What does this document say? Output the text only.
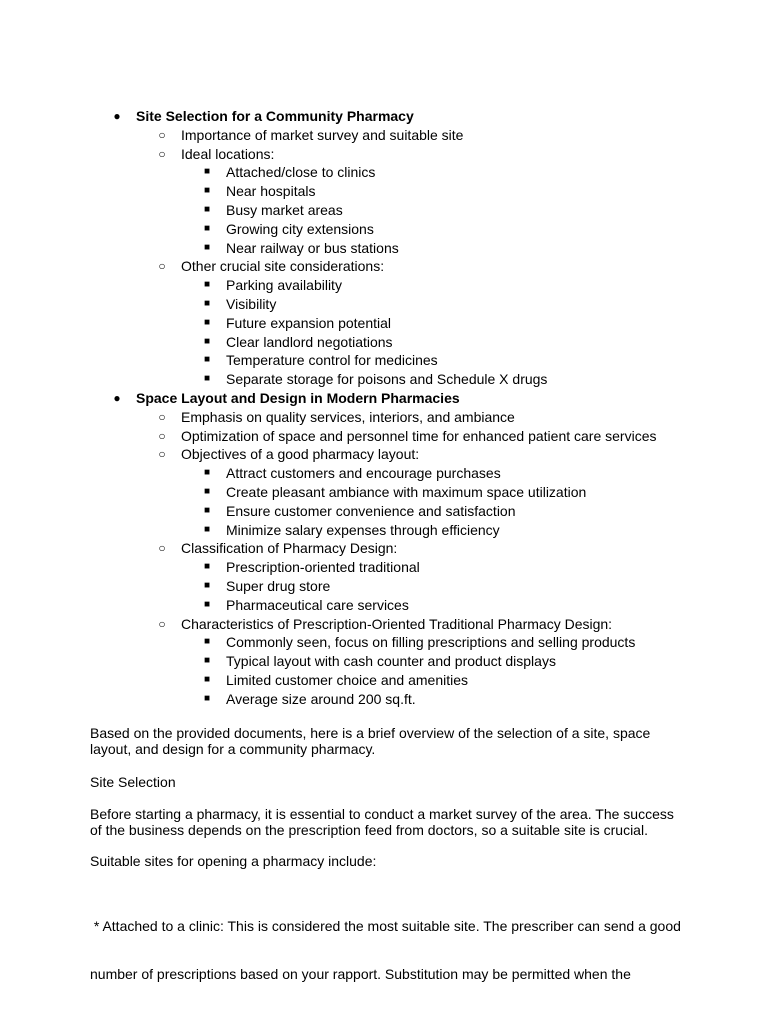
● Site Selection for a Community Pharmacy
○ Importance of market survey and suitable site
○ Ideal locations:
■ Attached/close to clinics
■ Near hospitals
■ Busy market areas
■ Growing city extensions
■ Near railway or bus stations
○ Other crucial site considerations:
■ Parking availability
■ Visibility
■ Future expansion potential
■ Clear landlord negotiations
■ Temperature control for medicines
■ Separate storage for poisons and Schedule X drugs
● Space Layout and Design in Modern Pharmacies
○ Emphasis on quality services, interiors, and ambiance
○ Optimization of space and personnel time for enhanced patient care services
○ Objectives of a good pharmacy layout:
■ Attract customers and encourage purchases
■ Create pleasant ambiance with maximum space utilization
■ Ensure customer convenience and satisfaction
■ Minimize salary expenses through efficiency
○ Classification of Pharmacy Design:
■ Prescription-oriented traditional
■ Super drug store
■ Pharmaceutical care services
○ Characteristics of Prescription-Oriented Traditional Pharmacy Design:
■ Commonly seen, focus on filling prescriptions and selling products
■ Typical layout with cash counter and product displays
■ Limited customer choice and amenities
■ Average size around 200 sq.ft.

Based on the provided documents, here is a brief overview of the selection of a site, space
layout, and design for a community pharmacy.

Site Selection

Before starting a pharmacy, it is essential to conduct a market survey of the area. The success
of the business depends on the prescription feed from doctors, so a suitable site is crucial.

Suitable sites for opening a pharmacy include:

* Attached to a clinic: This is considered the most suitable site. The prescriber can send a good

number of prescriptions based on your rapport. Substitution may be permitted when the
